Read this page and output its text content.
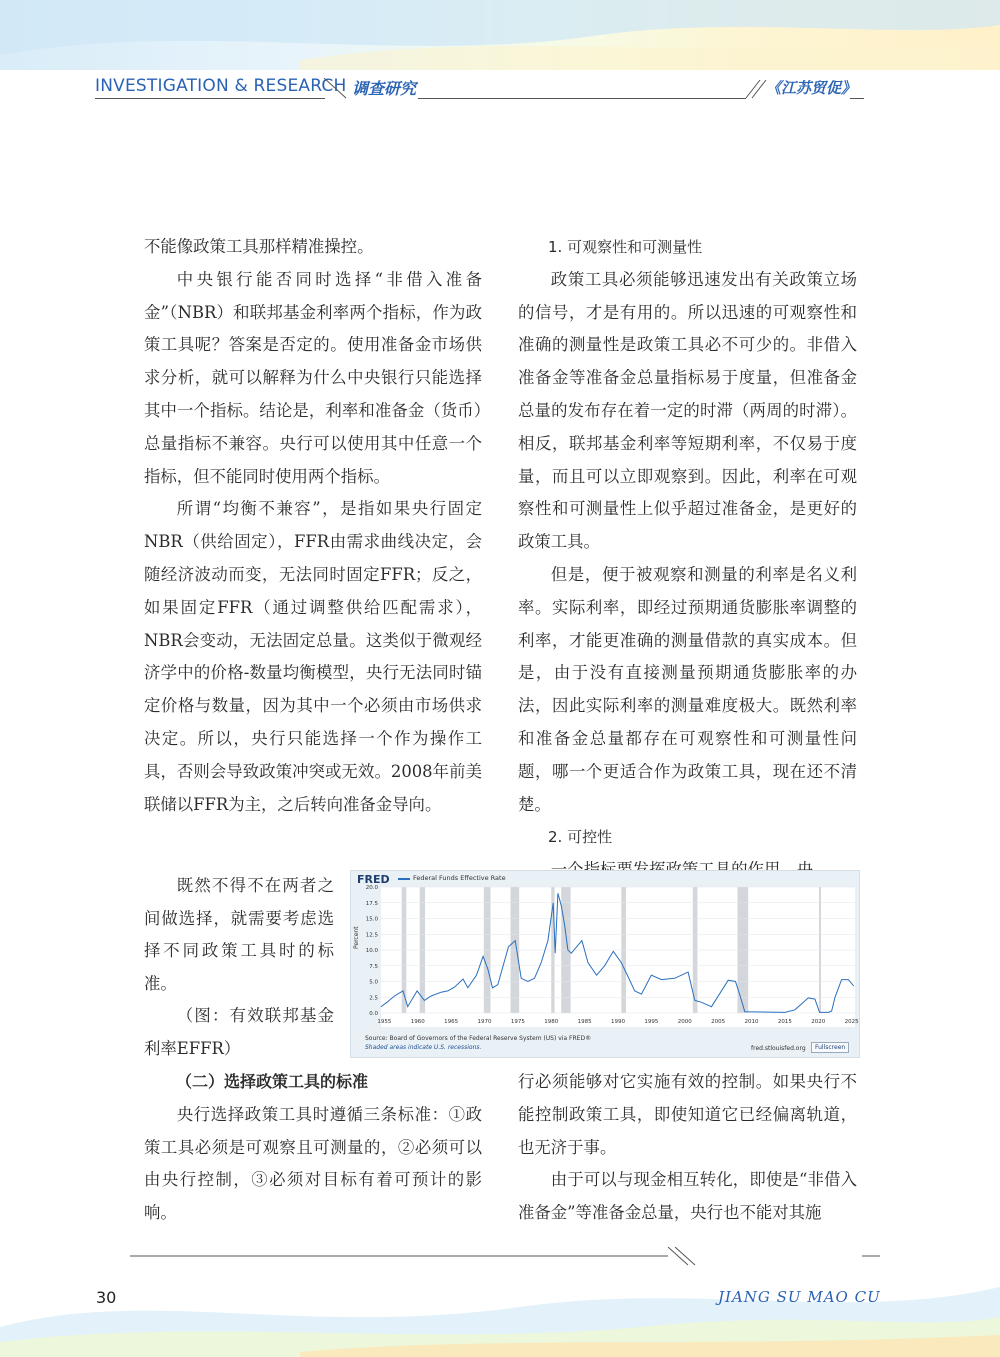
INVESTIGATION & RESEARCH 调查研究	《江苏贸促》

不能像政策工具那样精准操控。

中央银行能否同时选择“非借入准备金”（NBR）和联邦基金利率两个指标，作为政策工具呢？答案是否定的。使用准备金市场供求分析，就可以解释为什么中央银行只能选择其中一个指标。结论是，利率和准备金（货币）总量指标不兼容。央行可以使用其中任意一个指标，但不能同时使用两个指标。

所谓“均衡不兼容”，是指如果央行固定NBR（供给固定），FFR由需求曲线决定，会随经济波动而变，无法同时固定FFR；反之，如果固定FFR（通过调整供给匹配需求），NBR会变动，无法固定总量。这类似于微观经济学中的价格-数量均衡模型，央行无法同时锚定价格与数量，因为其中一个必须由市场供求决定。所以，央行只能选择一个作为操作工具，否则会导致政策冲突或无效。2008年前美联储以FFR为主，之后转向准备金导向。

既然不得不在两者之间做选择，就需要考虑选择不同政策工具时的标准。

（图：有效联邦基金利率EFFR）

（二）选择政策工具的标准

央行选择政策工具时遵循三条标准：①政策工具必须是可观察且可测量的，②必须可以由央行控制，③必须对目标有着可预计的影响。

1. 可观察性和可测量性

政策工具必须能够迅速发出有关政策立场的信号，才是有用的。所以迅速的可观察性和准确的测量性是政策工具必不可少的。非借入准备金等准备金总量指标易于度量，但准备金总量的发布存在着一定的时滞（两周的时滞）。相反，联邦基金利率等短期利率，不仅易于度量，而且可以立即观察到。因此，利率在可观察性和可测量性上似乎超过准备金，是更好的政策工具。

但是，便于被观察和测量的利率是名义利率。实际利率，即经过预期通货膨胀率调整的利率，才能更准确的测量借款的真实成本。但是，由于没有直接测量预期通货膨胀率的办法，因此实际利率的测量难度极大。既然利率和准备金总量都存在可观察性和可测量性问题，哪一个更适合作为政策工具，现在还不清楚。

2. 可控性

行必须能够对它实施有效的控制。如果央行不能控制政策工具，即使知道它已经偏离轨道，也无济于事。

由于可以与现金相互转化，即使是“非借入准备金”等准备金总量，央行也不能对其施

FRED	Federal Funds Effective Rate
Percent
20.0
17.5
15.0
12.5
10.0
7.5
5.0
2.5
0.0
1955	1960	1965	1970	1975	1980	1985	1990	1995	2000	2005	2010	2015	2020	2025
Source: Board of Governors of the Federal Reserve System (US) via FRED®
Shaded areas indicate U.S. recessions.	fred.stlouisfed.org	Fullscreen
30	JIANG SU MAO CU
